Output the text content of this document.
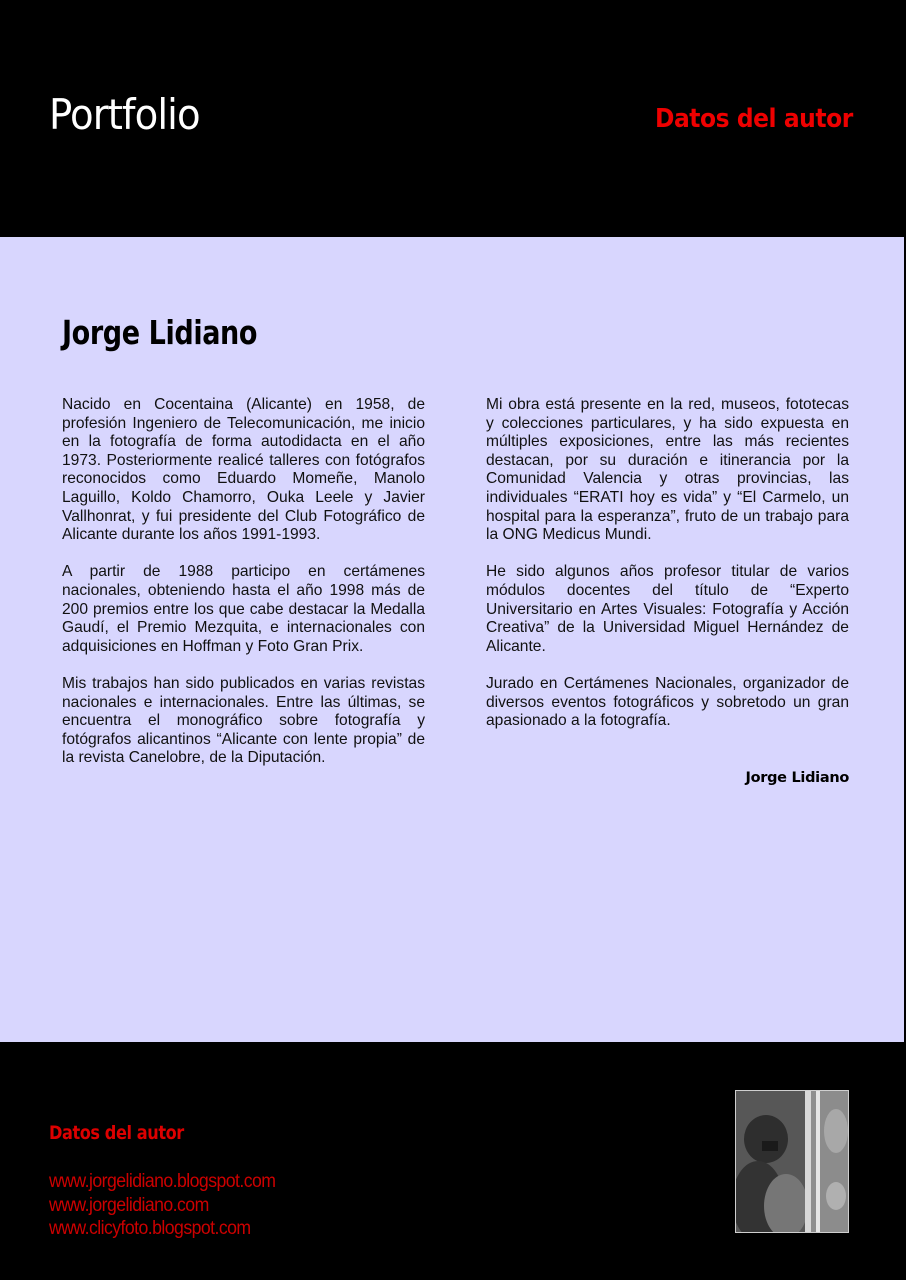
Portfolio	Datos del autor
Jorge Lidiano

Nacido en Cocentaina (Alicante) en 1958, de profesión Ingeniero de Telecomunicación, me inicio en la fotografía de forma autodidacta en el año 1973. Posteriormente realicé talleres con fotógrafos reconocidos como Eduardo Momeñe, Manolo Laguillo, Koldo Chamorro, Ouka Leele y Javier Vallhonrat, y fui presidente del Club Fotográfico de Alicante durante los años 1991-1993.

A partir de 1988 participo en certámenes nacionales, obteniendo hasta el año 1998 más de 200 premios entre los que cabe destacar la Medalla Gaudí, el Premio Mezquita, e internacionales con adquisiciones en Hoffman y Foto Gran Prix.

Mis trabajos han sido publicados en varias revistas nacionales e internacionales. Entre las últimas, se encuentra el monográfico sobre fotografía y fotógrafos alicantinos “Alicante con lente propia” de la revista Canelobre, de la Diputación.

Mi obra está presente en la red, museos, fototecas y colecciones particulares, y ha sido expuesta en múltiples exposiciones, entre las más recientes destacan, por su duración e itinerancia por la Comunidad Valencia y otras provincias, las individuales “ERATI hoy es vida” y “El Carmelo, un hospital para la esperanza”, fruto de un trabajo para la ONG Medicus Mundi.

He sido algunos años profesor titular de varios módulos docentes del título de “Experto Universitario en Artes Visuales: Fotografía y Acción Creativa” de la Universidad Miguel Hernández de Alicante.

Jurado en Certámenes Nacionales, organizador de diversos eventos fotográficos y sobretodo un gran apasionado a la fotografía.

Jorge Lidiano
Datos del autor
www.jorgelidiano.blogspot.com
www.jorgelidiano.com
www.clicyfoto.blogspot.com
